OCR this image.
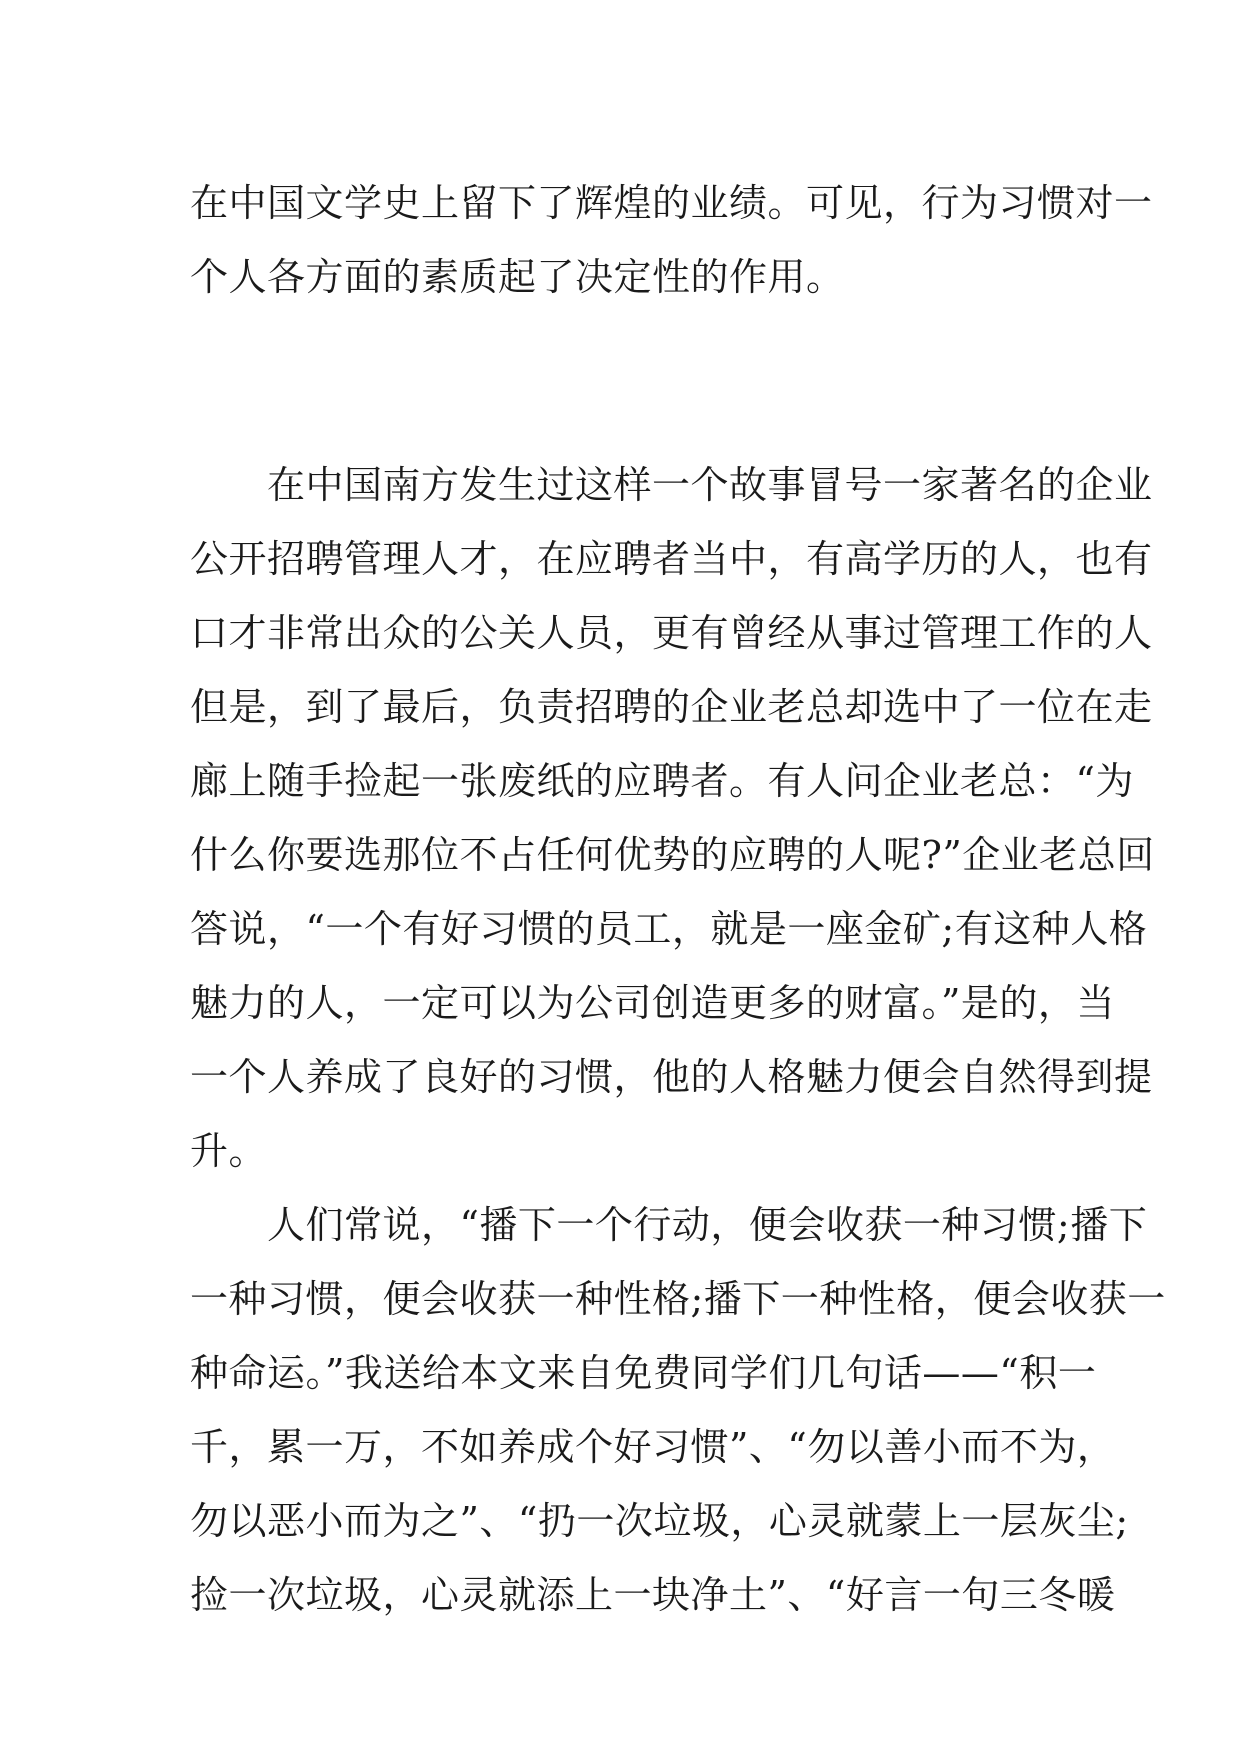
在中国文学史上留下了辉煌的业绩。可见，行为习惯对一
个人各方面的素质起了决定性的作用。
　　在中国南方发生过这样一个故事冒号一家著名的企业
公开招聘管理人才，在应聘者当中，有高学历的人，也有
口才非常出众的公关人员，更有曾经从事过管理工作的人
但是，到了最后，负责招聘的企业老总却选中了一位在走
廊上随手捡起一张废纸的应聘者。有人问企业老总：“为
什么你要选那位不占任何优势的应聘的人呢?”企业老总回
答说，“一个有好习惯的员工，就是一座金矿;有这种人格
魅力的人，一定可以为公司创造更多的财富。”是的，当
一个人养成了良好的习惯，他的人格魅力便会自然得到提
升。
　　人们常说，“播下一个行动，便会收获一种习惯;播下
一种习惯，便会收获一种性格;播下一种性格，便会收获一
种命运。”我送给本文来自免费同学们几句话——“积一
千，累一万，不如养成个好习惯”、“勿以善小而不为，
勿以恶小而为之”、“扔一次垃圾，心灵就蒙上一层灰尘;
捡一次垃圾，心灵就添上一块净土”、“好言一句三冬暖
